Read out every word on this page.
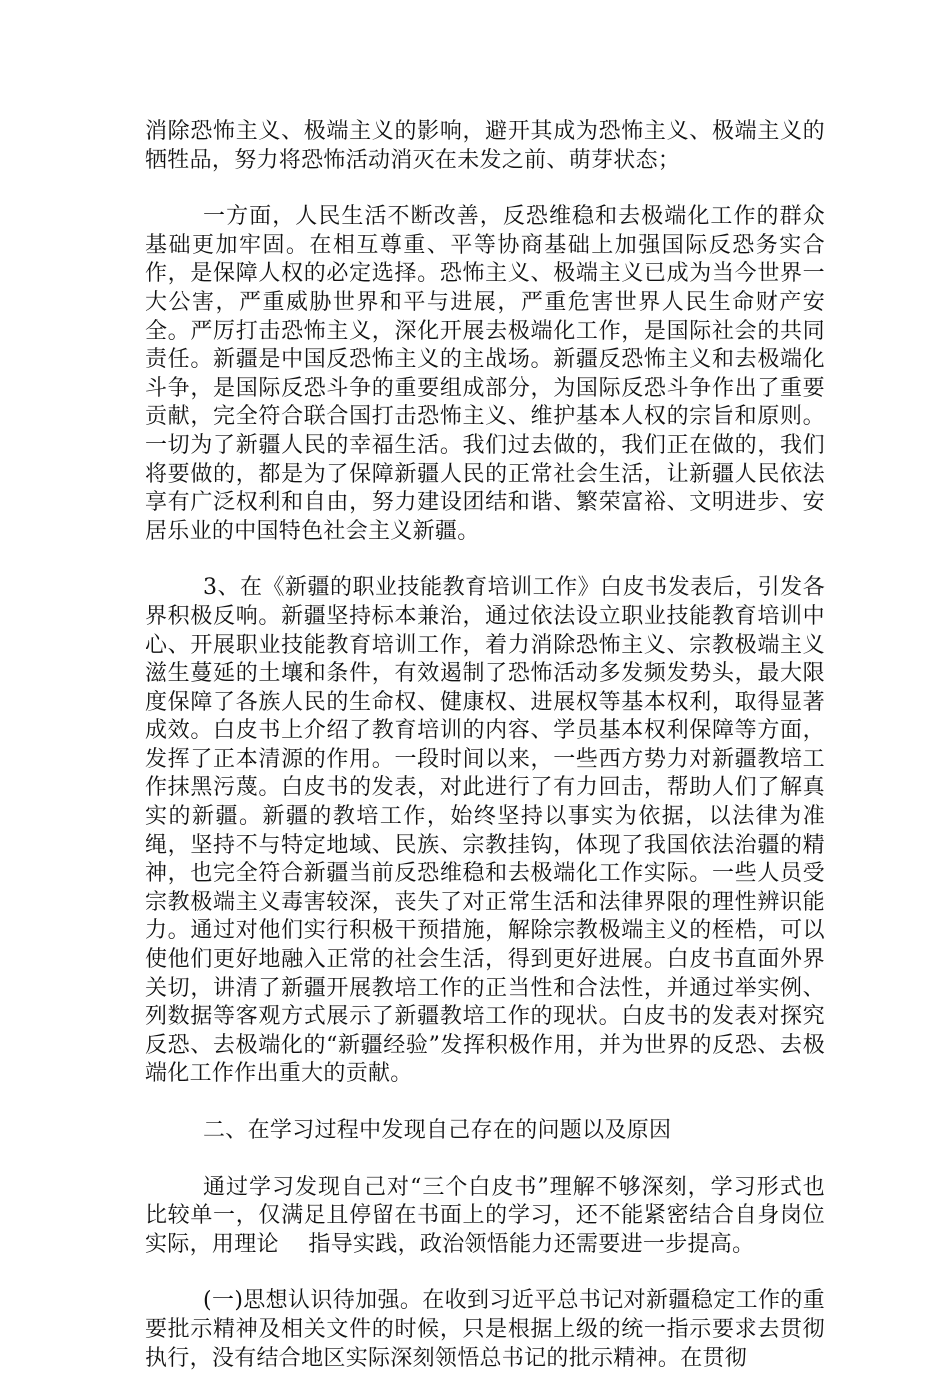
消除恐怖主义、极端主义的影响，避开其成为恐怖主义、极端主义的牺牲品，努力将恐怖活动消灭在未发之前、萌芽状态；

一方面，人民生活不断改善，反恐维稳和去极端化工作的群众基础更加牢固。在相互尊重、平等协商基础上加强国际反恐务实合作，是保障人权的必定选择。恐怖主义、极端主义已成为当今世界一大公害，严重威胁世界和平与进展，严重危害世界人民生命财产安全。严厉打击恐怖主义，深化开展去极端化工作，是国际社会的共同责任。新疆是中国反恐怖主义的主战场。新疆反恐怖主义和去极端化斗争，是国际反恐斗争的重要组成部分，为国际反恐斗争作出了重要贡献，完全符合联合国打击恐怖主义、维护基本人权的宗旨和原则。一切为了新疆人民的幸福生活。我们过去做的，我们正在做的，我们将要做的，都是为了保障新疆人民的正常社会生活，让新疆人民依法享有广泛权利和自由，努力建设团结和谐、繁荣富裕、文明进步、安居乐业的中国特色社会主义新疆。

3、在《新疆的职业技能教育培训工作》白皮书发表后，引发各界积极反响。新疆坚持标本兼治，通过依法设立职业技能教育培训中心、开展职业技能教育培训工作，着力消除恐怖主义、宗教极端主义滋生蔓延的土壤和条件，有效遏制了恐怖活动多发频发势头，最大限度保障了各族人民的生命权、健康权、进展权等基本权利，取得显著成效。白皮书上介绍了教育培训的内容、学员基本权利保障等方面，发挥了正本清源的作用。一段时间以来，一些西方势力对新疆教培工作抹黑污蔑。白皮书的发表，对此进行了有力回击，帮助人们了解真实的新疆。新疆的教培工作，始终坚持以事实为依据，以法律为准绳，坚持不与特定地域、民族、宗教挂钩，体现了我国依法治疆的精神，也完全符合新疆当前反恐维稳和去极端化工作实际。一些人员受宗教极端主义毒害较深，丧失了对正常生活和法律界限的理性辨识能力。通过对他们实行积极干预措施，解除宗教极端主义的桎梏，可以使他们更好地融入正常的社会生活，得到更好进展。白皮书直面外界关切，讲清了新疆开展教培工作的正当性和合法性，并通过举实例、列数据等客观方式展示了新疆教培工作的现状。白皮书的发表对探究反恐、去极端化的“新疆经验”发挥积极作用，并为世界的反恐、去极端化工作作出重大的贡献。

二、在学习过程中发现自己存在的问题以及原因

通过学习发现自己对“三个白皮书”理解不够深刻，学习形式也比较单一，仅满足且停留在书面上的学习，还不能紧密结合自身岗位实际，用理论　 指导实践，政治领悟能力还需要进一步提高。

(一)思想认识待加强。在收到习近平总书记对新疆稳定工作的重要批示精神及相关文件的时候，只是根据上级的统一指示要求去贯彻执行，没有结合地区实际深刻领悟总书记的批示精神。在贯彻
